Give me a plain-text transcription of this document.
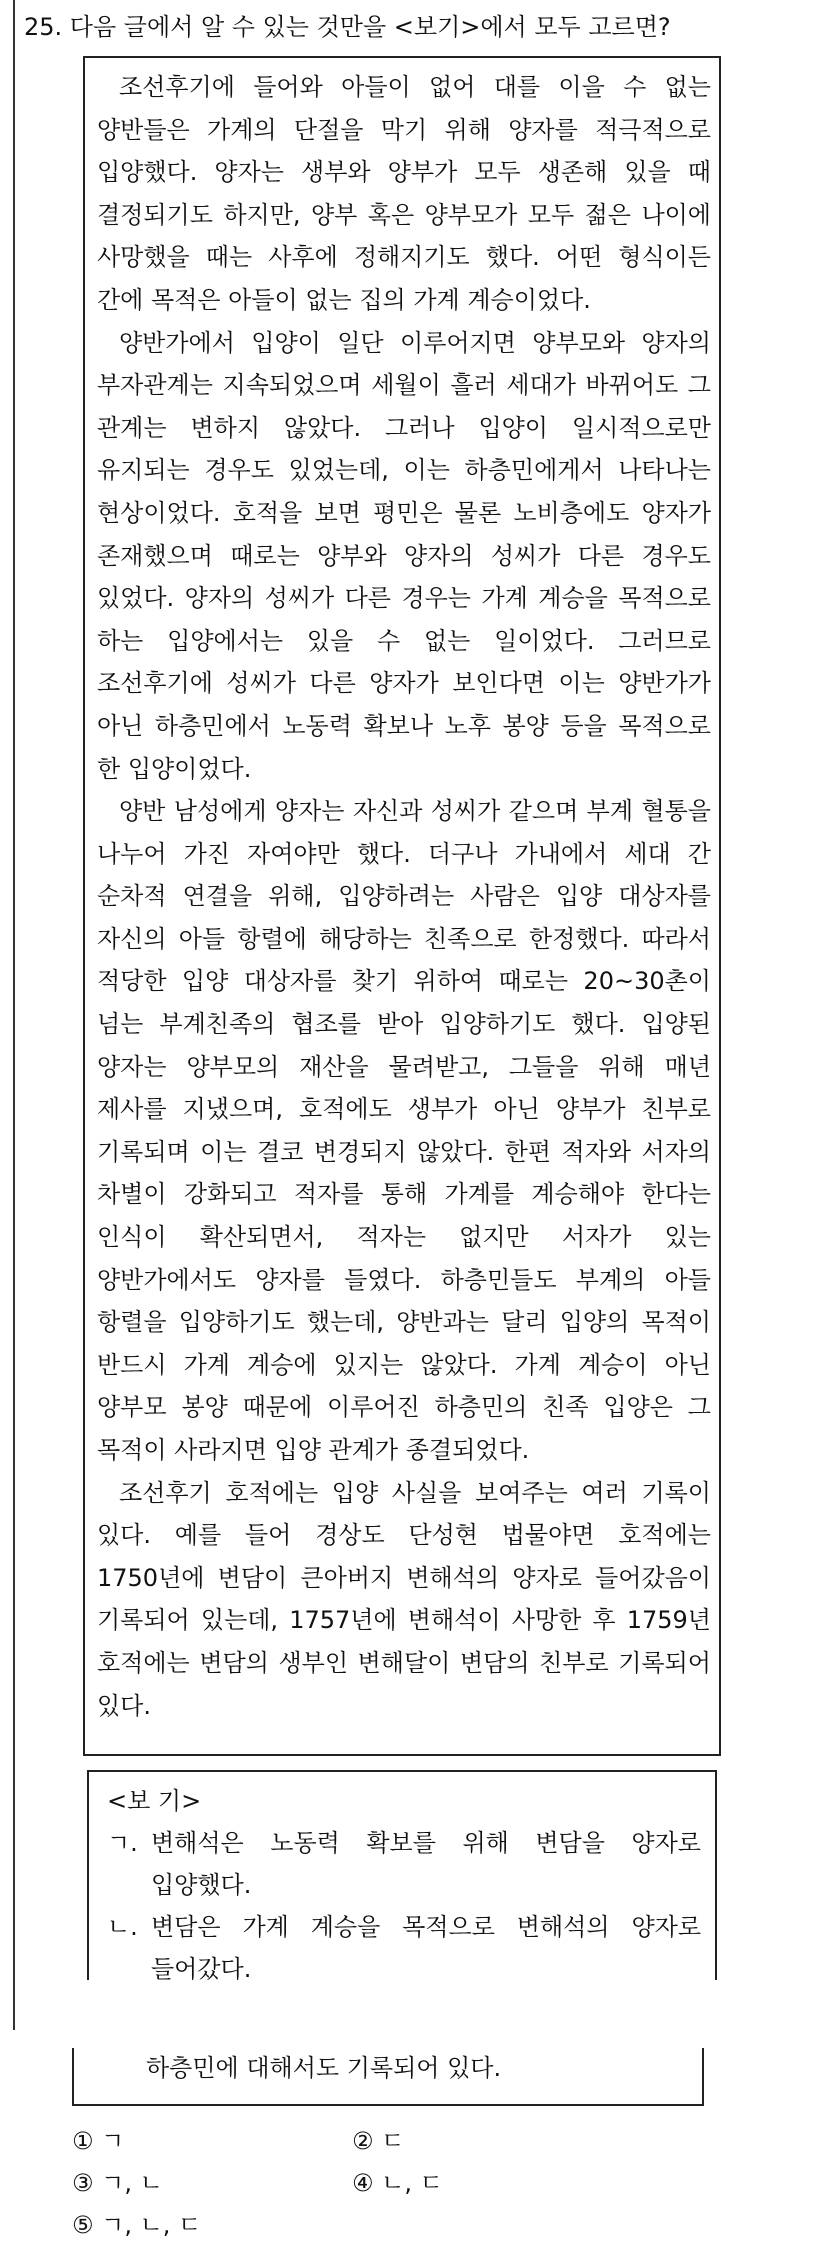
25. 다음 글에서 알 수 있는 것만을 <보기>에서 모두 고르면?

조선후기에 들어와 아들이 없어 대를 이을 수 없는 양반들은 가계의 단절을 막기 위해 양자를 적극적으로 입양했다. 양자는 생부와 양부가 모두 생존해 있을 때 결정되기도 하지만, 양부 혹은 양부모가 모두 젊은 나이에 사망했을 때는 사후에 정해지기도 했다. 어떤 형식이든 간에 목적은 아들이 없는 집의 가계 계승이었다.

양반가에서 입양이 일단 이루어지면 양부모와 양자의 부자관계는 지속되었으며 세월이 흘러 세대가 바뀌어도 그 관계는 변하지 않았다. 그러나 입양이 일시적으로만 유지되는 경우도 있었는데, 이는 하층민에게서 나타나는 현상이었다. 호적을 보면 평민은 물론 노비층에도 양자가 존재했으며 때로는 양부와 양자의 성씨가 다른 경우도 있었다. 양자의 성씨가 다른 경우는 가계 계승을 목적으로 하는 입양에서는 있을 수 없는 일이었다. 그러므로 조선후기에 성씨가 다른 양자가 보인다면 이는 양반가가 아닌 하층민에서 노동력 확보나 노후 봉양 등을 목적으로 한 입양이었다.

양반 남성에게 양자는 자신과 성씨가 같으며 부계 혈통을 나누어 가진 자여야만 했다. 더구나 가내에서 세대 간 순차적 연결을 위해, 입양하려는 사람은 입양 대상자를 자신의 아들 항렬에 해당하는 친족으로 한정했다. 따라서 적당한 입양 대상자를 찾기 위하여 때로는 20~30촌이 넘는 부계친족의 협조를 받아 입양하기도 했다. 입양된 양자는 양부모의 재산을 물려받고, 그들을 위해 매년 제사를 지냈으며, 호적에도 생부가 아닌 양부가 친부로 기록되며 이는 결코 변경되지 않았다. 한편 적자와 서자의 차별이 강화되고 적자를 통해 가계를 계승해야 한다는 인식이 확산되면서, 적자는 없지만 서자가 있는 양반가에서도 양자를 들였다. 하층민들도 부계의 아들 항렬을 입양하기도 했는데, 양반과는 달리 입양의 목적이 반드시 가계 계승에 있지는 않았다. 가계 계승이 아닌 양부모 봉양 때문에 이루어진 하층민의 친족 입양은 그 목적이 사라지면 입양 관계가 종결되었다.

조선후기 호적에는 입양 사실을 보여주는 여러 기록이 있다. 예를 들어 경상도 단성현 법물야면 호적에는 1750년에 변담이 큰아버지 변해석의 양자로 들어갔음이 기록되어 있는데, 1757년에 변해석이 사망한 후 1759년 호적에는 변담의 생부인 변해달이 변담의 친부로 기록되어 있다.

<보 기>
ㄱ. 변해석은 노동력 확보를 위해 변담을 양자로 입양했다.
ㄴ. 변담은 가계 계승을 목적으로 변해석의 양자로 들어갔다.
하층민에 대해서도 기록되어 있다.
① ㄱ	② ㄷ
③ ㄱ, ㄴ	④ ㄴ, ㄷ
⑤ ㄱ, ㄴ, ㄷ
